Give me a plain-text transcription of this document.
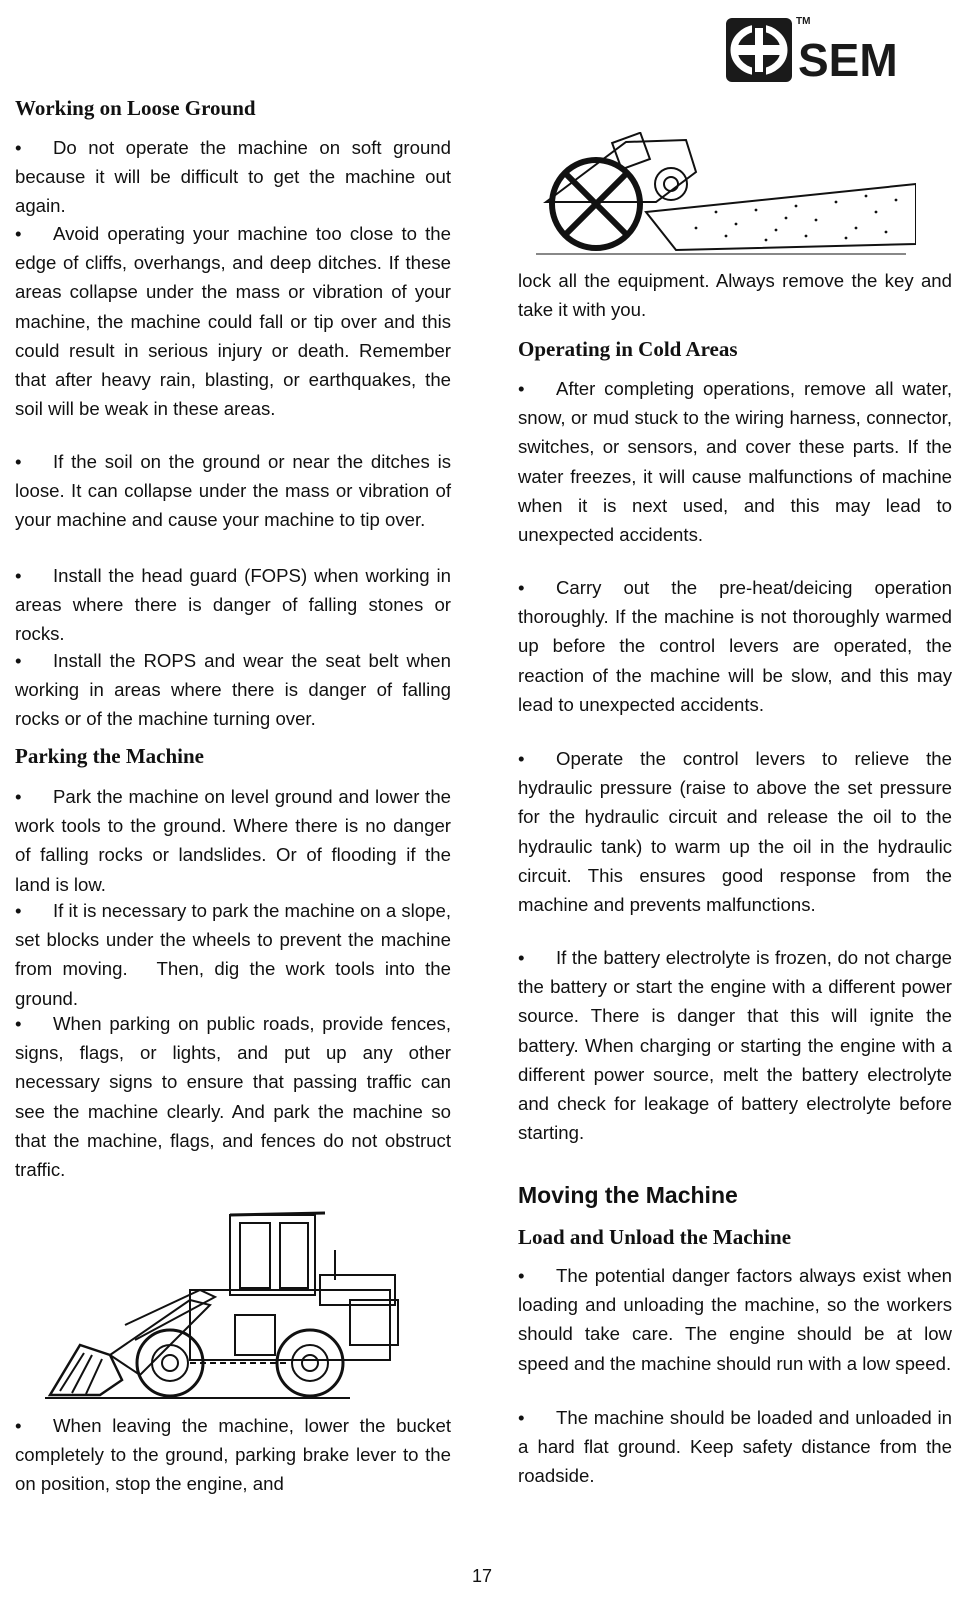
SEM
TM
Working on Loose Ground

• Do not operate the machine on soft ground because it will be difficult to get the machine out again.

• Avoid operating your machine too close to the edge of cliffs, overhangs, and deep ditches. If these areas collapse under the mass or vibration of your machine, the machine could fall or tip over and this could result in serious injury or death. Remember that after heavy rain, blasting, or earthquakes, the soil will be weak in these areas.

• If the soil on the ground or near the ditches is loose. It can collapse under the mass or vibration of your machine and cause your machine to tip over.

• Install the head guard (FOPS) when working in areas where there is danger of falling stones or rocks.

• Install the ROPS and wear the seat belt when working in areas where there is danger of falling rocks or of the machine turning over.

Parking the Machine

• Park the machine on level ground and lower the work tools to the ground. Where there is no danger of falling rocks or landslides. Or of flooding if the land is low.

• If it is necessary to park the machine on a slope, set blocks under the wheels to prevent the machine from moving.　Then, dig the work tools into the ground.

• When parking on public roads, provide fences, signs, flags, or lights, and put up any other necessary signs to ensure that passing traffic can see the machine clearly. And park the machine so that the machine, flags, and fences do not obstruct traffic.

• When leaving the machine, lower the bucket completely to the ground, parking brake lever to the on position, stop the engine, and

lock all the equipment. Always remove the key and take it with you.

Operating in Cold Areas

• After completing operations, remove all water, snow, or mud stuck to the wiring harness, connector, switches, or sensors, and cover these parts. If the water freezes, it will cause malfunctions of machine when it is next used, and this may lead to unexpected accidents.

• Carry out the pre-heat/deicing operation thoroughly. If the machine is not thoroughly warmed up before the control levers are operated, the reaction of the machine will be slow, and this may lead to unexpected accidents.

• Operate the control levers to relieve the hydraulic pressure (raise to above the set pressure for the hydraulic circuit and release the oil to the hydraulic tank) to warm up the oil in the hydraulic circuit. This ensures good response from the machine and prevents malfunctions.

• If the battery electrolyte is frozen, do not charge the battery or start the engine with a different power source. There is danger that this will ignite the battery. When charging or starting the engine with a different power source, melt the battery electrolyte and check for leakage of battery electrolyte before starting.

Moving the Machine
Load and Unload the Machine

• The potential danger factors always exist when loading and unloading the machine, so the workers should take care. The engine should be at low speed and the machine should run with a low speed.

• The machine should be loaded and unloaded in a hard flat ground. Keep safety distance from the roadside.

17
